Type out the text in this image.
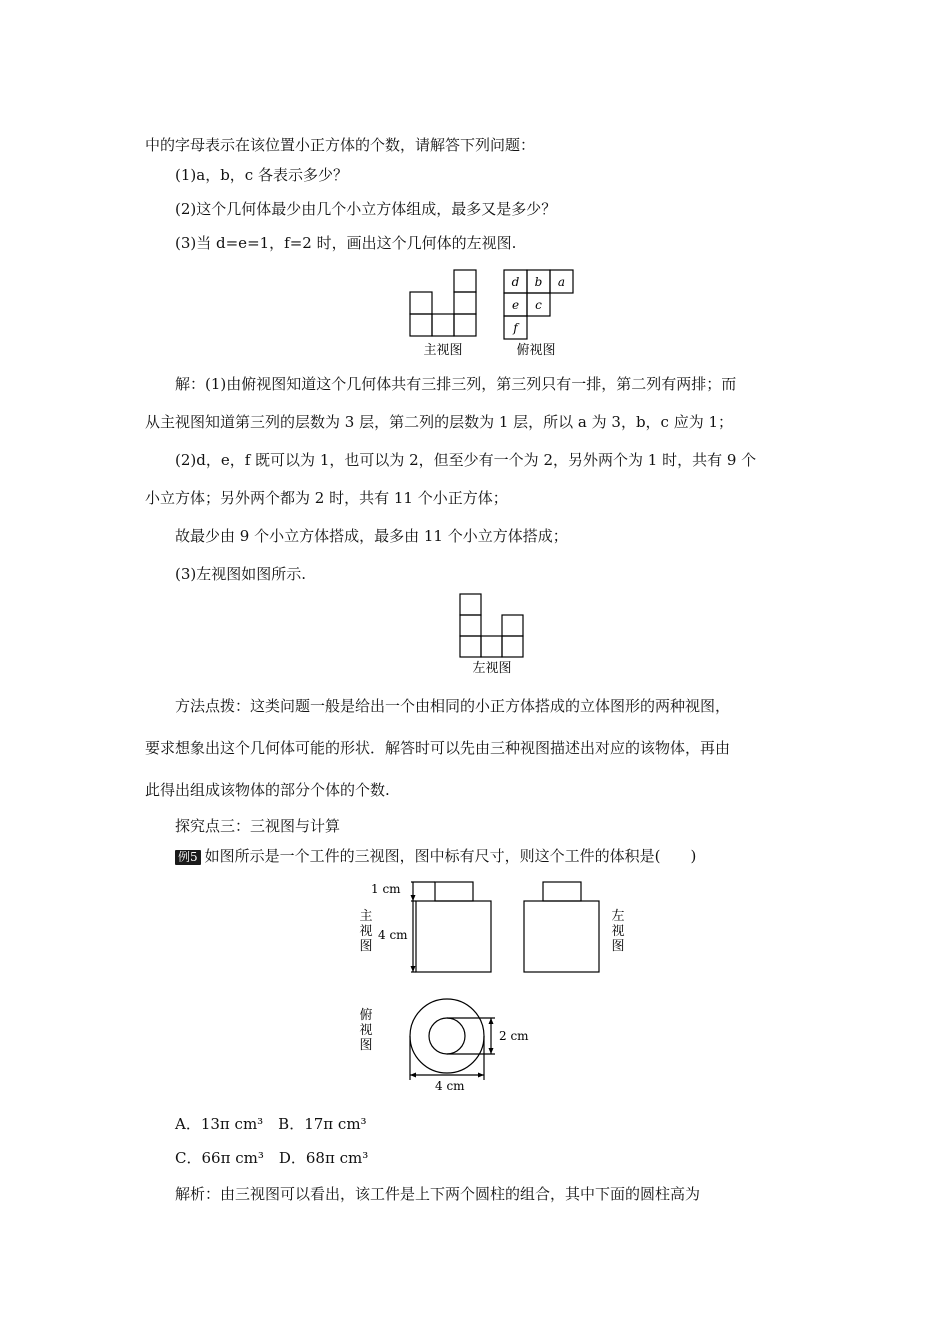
中的字母表示在该位置小正方体的个数，请解答下列问题：
(1)a，b，c 各表示多少？
(2)这个几何体最少由几个小立方体组成，最多又是多少？
(3)当 d=e=1，f=2 时，画出这个几何体的左视图.
主视图
d b a
e c
f
俯视图
解：(1)由俯视图知道这个几何体共有三排三列，第三列只有一排，第二列有两排；而
从主视图知道第三列的层数为 3 层，第二列的层数为 1 层，所以 a 为 3，b，c 应为 1；
(2)d，e，f 既可以为 1，也可以为 2，但至少有一个为 2，另外两个为 1 时，共有 9 个
小立方体；另外两个都为 2 时，共有 11 个小正方体；
故最少由 9 个小立方体搭成，最多由 11 个小立方体搭成；
(3)左视图如图所示.
左视图
方法点拨：这类问题一般是给出一个由相同的小正方体搭成的立体图形的两种视图，
要求想象出这个几何体可能的形状．解答时可以先由三种视图描述出对应的该物体，再由
此得出组成该物体的部分个体的个数.
探究点三：三视图与计算
例5 如图所示是一个工件的三视图，图中标有尺寸，则这个工件的体积是(　　)
1 cm
4 cm
2 cm
4 cm
主
视
图
左
视
图
俯
视
图
A．13π cm³　B．17π cm³
C．66π cm³　D．68π cm³
解析：由三视图可以看出，该工件是上下两个圆柱的组合，其中下面的圆柱高为
